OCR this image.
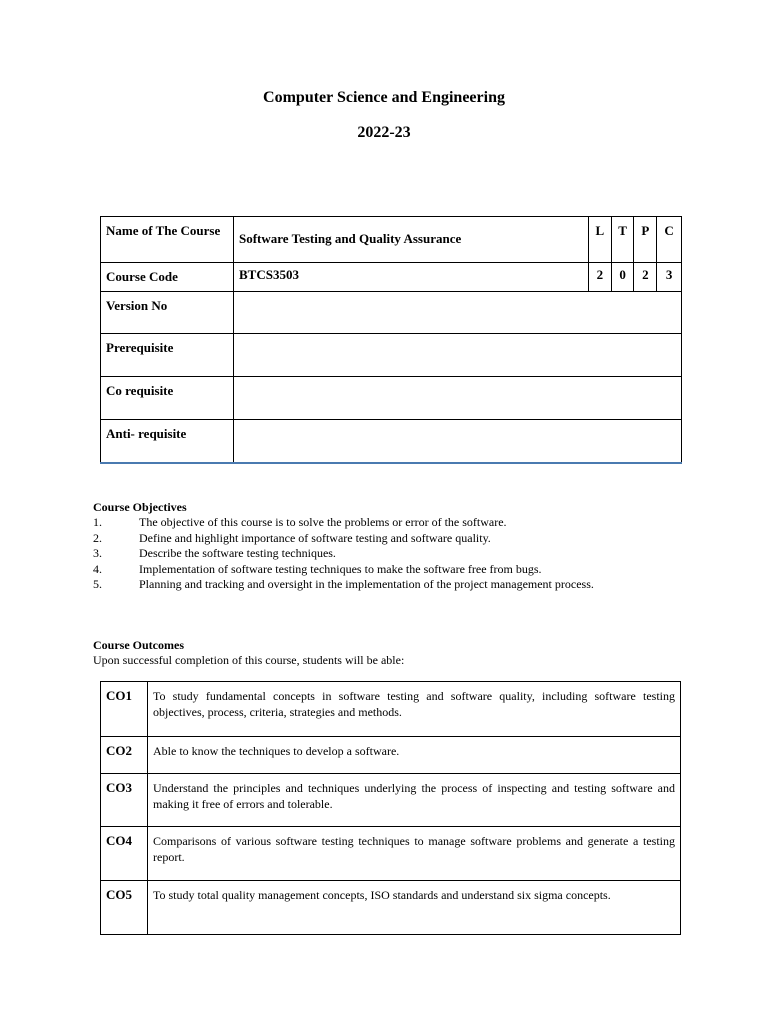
Computer Science and Engineering
2022-23
Name of The Course	Software Testing and Quality Assurance	L	T	P	C
Course Code	BTCS3503	2	0	2	3
Version No					
Prerequisite					
Co requisite					
Anti- requisite					
Course Objectives
1.	The objective of this course is to solve the problems or error of the software.
2.	Define and highlight importance of software testing and software quality.
3.	Describe the software testing techniques.
4.	Implementation of software testing techniques to make the software free from bugs.
5.	Planning and tracking and oversight in the implementation of the project management process.
Course Outcomes
Upon successful completion of this course, students will be able:
CO1	To study fundamental concepts in software testing and software quality, including software testing objectives, process, criteria, strategies and methods.
CO2	Able to know the techniques to develop a software.
CO3	Understand the principles and techniques underlying the process of inspecting and testing software and making it free of errors and tolerable.
CO4	Comparisons of various software testing techniques to manage software problems and generate a testing report.
CO5	To study total quality management concepts, ISO standards and understand six sigma concepts.
